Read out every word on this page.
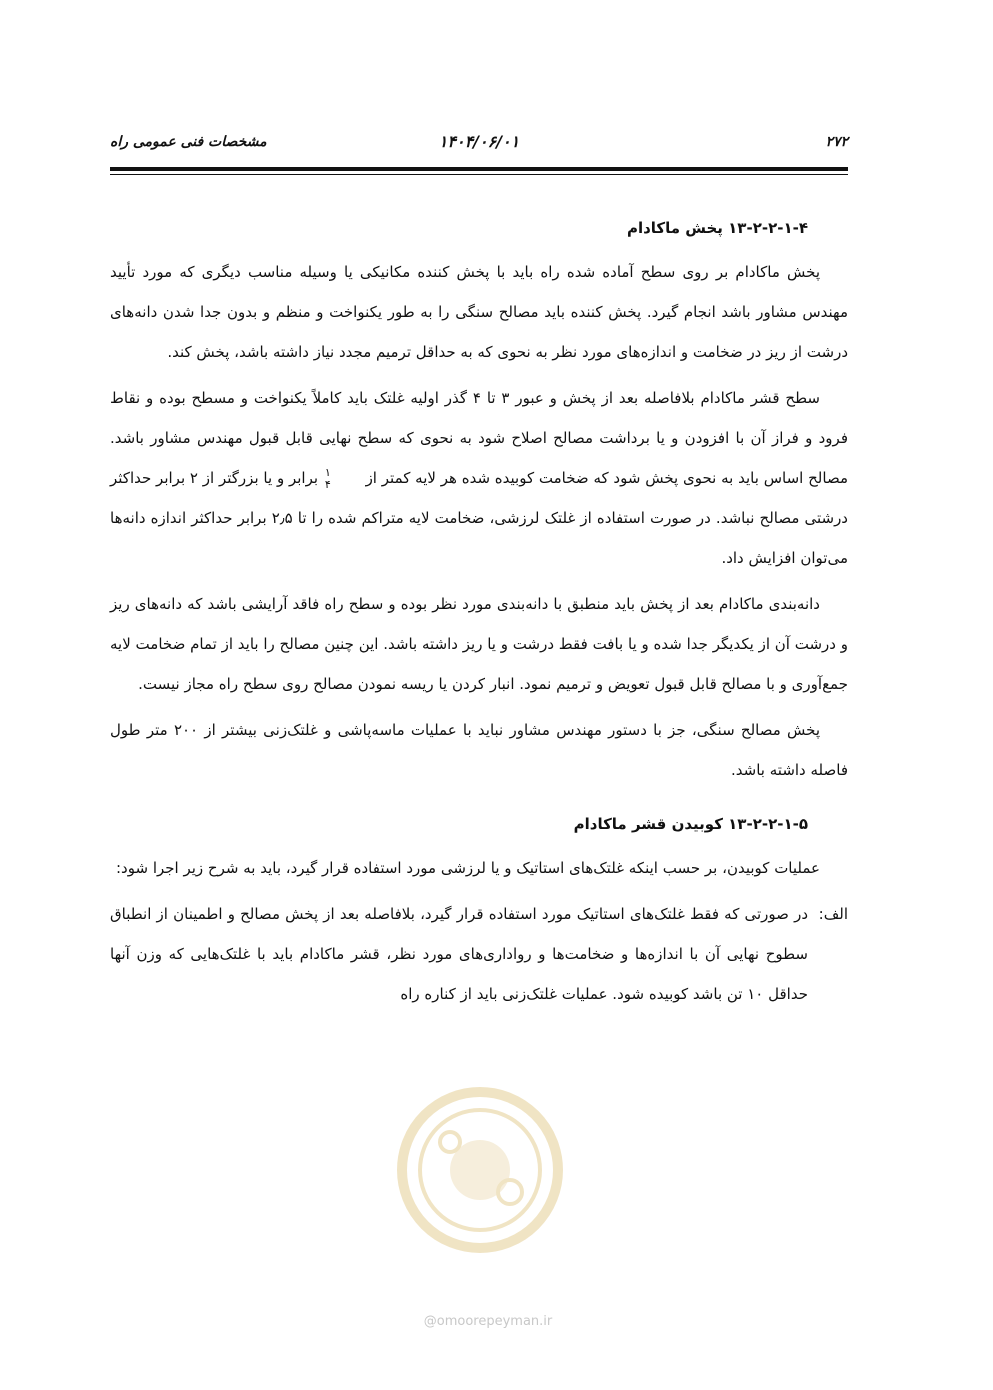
۲۷۲
۱۴۰۴/۰۶/۰۱
مشخصات فنی عمومی راه
۱۳-۲-۲-۱-۴ پخش ماکادام

پخش ماکادام بر روی سطح آماده شده راه باید با پخش کننده مکانیکی یا وسیله مناسب دیگری که مورد تأیید مهندس مشاور باشد انجام گیرد. پخش کننده باید مصالح سنگی را به طور یکنواخت و منظم و بدون جدا شدن دانه‌های درشت از ریز در ضخامت و اندازه‌های مورد نظر به نحوی که به حداقل ترمیم مجدد نیاز داشته باشد، پخش کند.

سطح قشر ماکادام بلافاصله بعد از پخش و عبور ۳ تا ۴ گذر اولیه غلتک باید کاملاً یکنواخت و مسطح بوده و نقاط فرود و فراز آن با افزودن و یا برداشت مصالح اصلاح شود به نحوی که سطح نهایی قابل قبول مهندس مشاور باشد. مصالح اساس باید به نحوی پخش شود که ضخامت کوبیده شده هر لایه کمتر از
۱
۴
برابر و یا بزرگتر از ۲ برابر حداکثر درشتی مصالح نباشد. در صورت استفاده از غلتک لرزشی، ضخامت لایه متراکم شده را تا ۲٫۵ برابر حداکثر اندازه دانه‌ها می‌توان افزایش داد.

دانه‌بندی ماکادام بعد از پخش باید منطبق با دانه‌بندی مورد نظر بوده و سطح راه فاقد آرایشی باشد که دانه‌های ریز و درشت آن از یکدیگر جدا شده و یا بافت فقط درشت و یا ریز داشته باشد. این چنین مصالح را باید از تمام ضخامت لایه جمع‌آوری و با مصالح قابل قبول تعویض و ترمیم نمود. انبار کردن یا ریسه نمودن مصالح روی سطح راه مجاز نیست.

پخش مصالح سنگی، جز با دستور مهندس مشاور نباید با عملیات ماسه‌پاشی و غلتک‌زنی بیشتر از ۲۰۰ متر طول فاصله داشته باشد.

۱۳-۲-۲-۱-۵ کوبیدن قشر ماکادام

عملیات کوبیدن، بر حسب اینکه غلتک‌های استاتیک و یا لرزشی مورد استفاده قرار گیرد، باید به شرح زیر اجرا شود:

الف:
در صورتی که فقط غلتک‌های استاتیک مورد استفاده قرار گیرد، بلافاصله بعد از پخش مصالح و اطمینان از انطباق سطوح نهایی آن با اندازه‌ها و ضخامت‌ها و رواداری‌های مورد نظر، قشر ماکادام باید با غلتک‌هایی که وزن آنها حداقل ۱۰ تن باشد کوبیده شود. عملیات غلتک‌زنی باید از کناره راه
@omoorepeyman.ir
